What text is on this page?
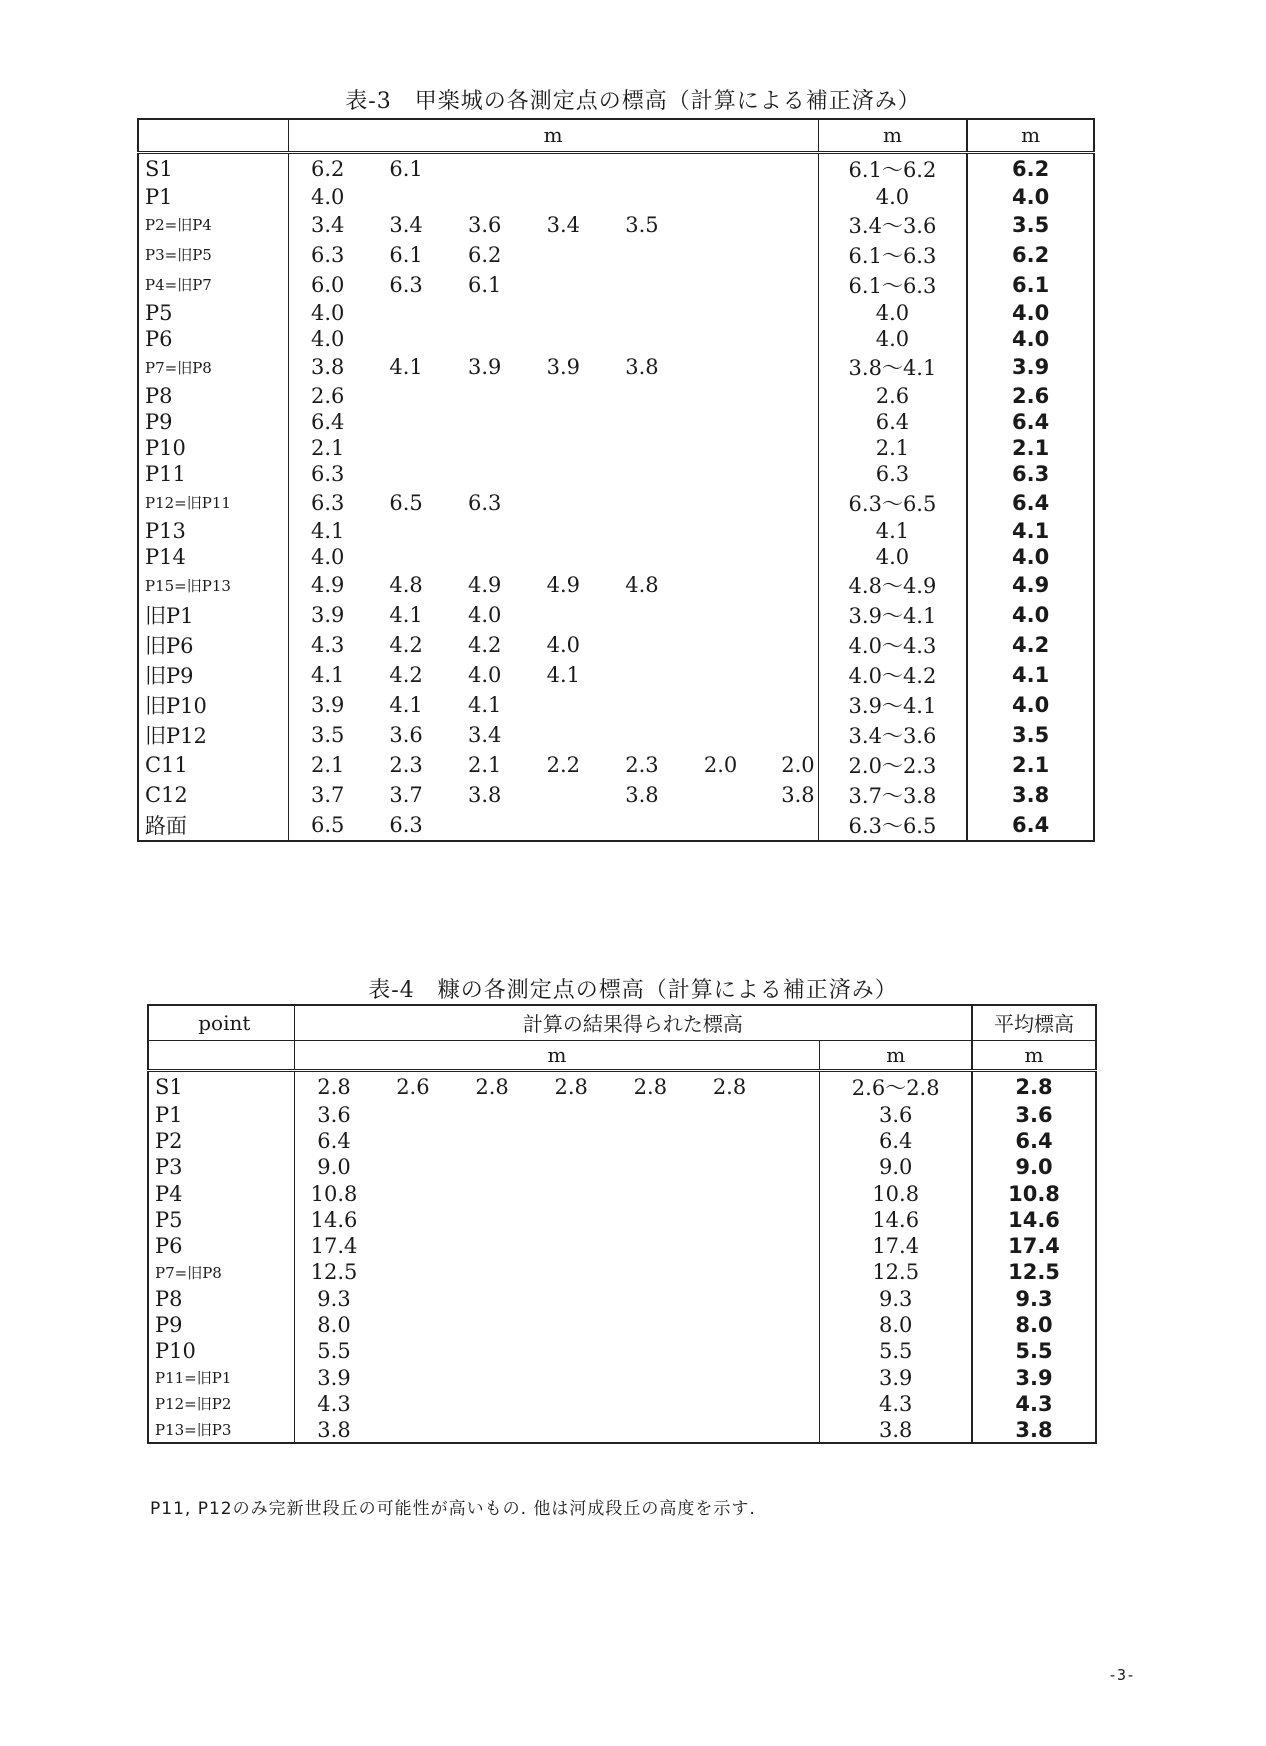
表-3　甲楽城の各測定点の標高（計算による補正済み）
	m							m	m
S1	6.2	6.1						6.1～6.2	6.2
P1	4.0							4.0	4.0
P2=旧P4	3.4	3.4	3.6	3.4	3.5			3.4～3.6	3.5
P3=旧P5	6.3	6.1	6.2					6.1～6.3	6.2
P4=旧P7	6.0	6.3	6.1					6.1～6.3	6.1
P5	4.0							4.0	4.0
P6	4.0							4.0	4.0
P7=旧P8	3.8	4.1	3.9	3.9	3.8			3.8～4.1	3.9
P8	2.6							2.6	2.6
P9	6.4							6.4	6.4
P10	2.1							2.1	2.1
P11	6.3							6.3	6.3
P12=旧P11	6.3	6.5	6.3					6.3～6.5	6.4
P13	4.1							4.1	4.1
P14	4.0							4.0	4.0
P15=旧P13	4.9	4.8	4.9	4.9	4.8			4.8～4.9	4.9
旧P1	3.9	4.1	4.0					3.9～4.1	4.0
旧P6	4.3	4.2	4.2	4.0				4.0～4.3	4.2
旧P9	4.1	4.2	4.0	4.1				4.0～4.2	4.1
旧P10	3.9	4.1	4.1					3.9～4.1	4.0
旧P12	3.5	3.6	3.4					3.4～3.6	3.5
C11	2.1	2.3	2.1	2.2	2.3	2.0	2.0	2.0～2.3	2.1
C12	3.7	3.7	3.8		3.8		3.8	3.7～3.8	3.8
路面	6.5	6.3						6.3～6.5	6.4
表-4　糠の各測定点の標高（計算による補正済み）
point	計算の結果得られた標高								平均標高
	m							m	m
S1	2.8	2.6	2.8	2.8	2.8	2.8		2.6～2.8	2.8
P1	3.6							3.6	3.6
P2	6.4							6.4	6.4
P3	9.0							9.0	9.0
P4	10.8							10.8	10.8
P5	14.6							14.6	14.6
P6	17.4							17.4	17.4
P7=旧P8	12.5							12.5	12.5
P8	9.3							9.3	9.3
P9	8.0							8.0	8.0
P10	5.5							5.5	5.5
P11=旧P1	3.9							3.9	3.9
P12=旧P2	4.3							4.3	4.3
P13=旧P3	3.8							3.8	3.8
P11, P12のみ完新世段丘の可能性が高いもの. 他は河成段丘の高度を示す.
-3-
